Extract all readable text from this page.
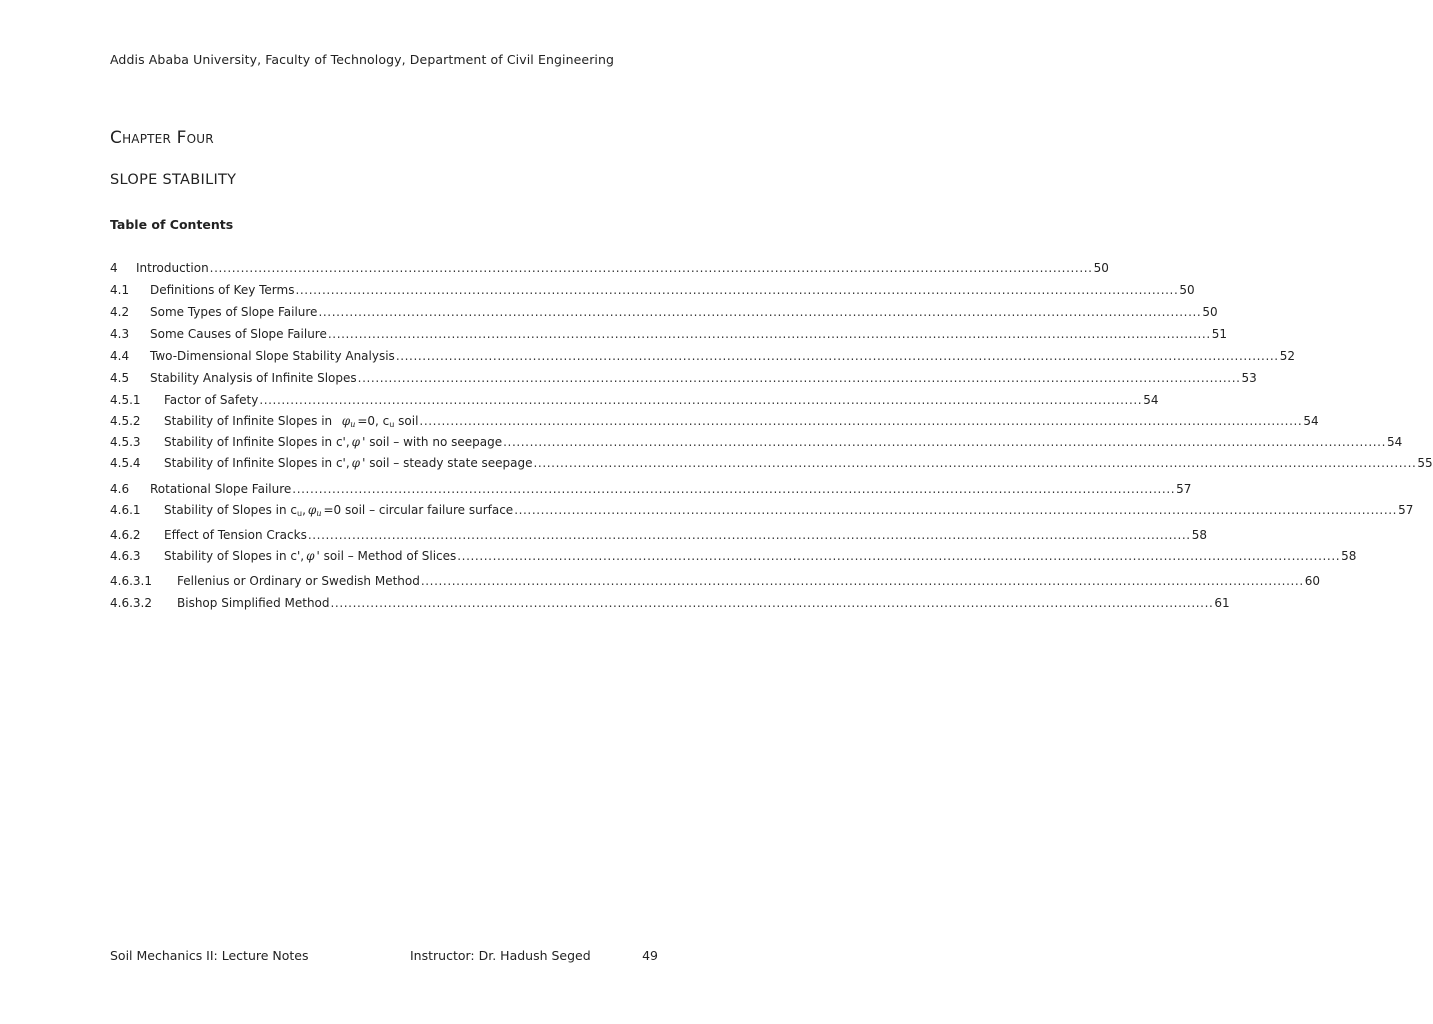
Addis Ababa University, Faculty of Technology, Department of Civil Engineering
Chapter Four
SLOPE STABILITY
Table of Contents
4	Introduction ........................................................................................................................................................................................................ 50
4.1	Definitions of Key Terms ........................................................................................................................................................................................................ 50
4.2	Some Types of Slope Failure ........................................................................................................................................................................................................ 50
4.3	Some Causes of Slope Failure ........................................................................................................................................................................................................ 51
4.4	Two-Dimensional Slope Stability Analysis ........................................................................................................................................................................................................ 52
4.5	Stability Analysis of Infinite Slopes ........................................................................................................................................................................................................ 53
4.5.1	Factor of Safety ........................................................................................................................................................................................................ 54
4.5.2	Stability of Infinite Slopes in $\varphi_u =0$, $c_u$ soil ........................................................................................................................................................................................................ 54
4.5.3	Stability of Infinite Slopes in c', φ ' soil – with no seepage ........................................................................................................................................................................................................ 54
4.5.4	Stability of Infinite Slopes in c', φ ' soil – steady state seepage ........................................................................................................................................................................................................ 55
4.6	Rotational Slope Failure ........................................................................................................................................................................................................ 57
4.6.1	Stability of Slopes in $c_u$, $\varphi_u =0$ soil – circular failure surface ........................................................................................................................................................................................................ 57
4.6.2	Effect of Tension Cracks ........................................................................................................................................................................................................ 58
4.6.3	Stability of Slopes in c', φ ' soil – Method of Slices ........................................................................................................................................................................................................ 58
4.6.3.1	Fellenius or Ordinary or Swedish Method ........................................................................................................................................................................................................ 60
4.6.3.2	Bishop Simplified Method ........................................................................................................................................................................................................ 61
Soil Mechanics II: Lecture Notes	Instructor: Dr. Hadush Seged	49
